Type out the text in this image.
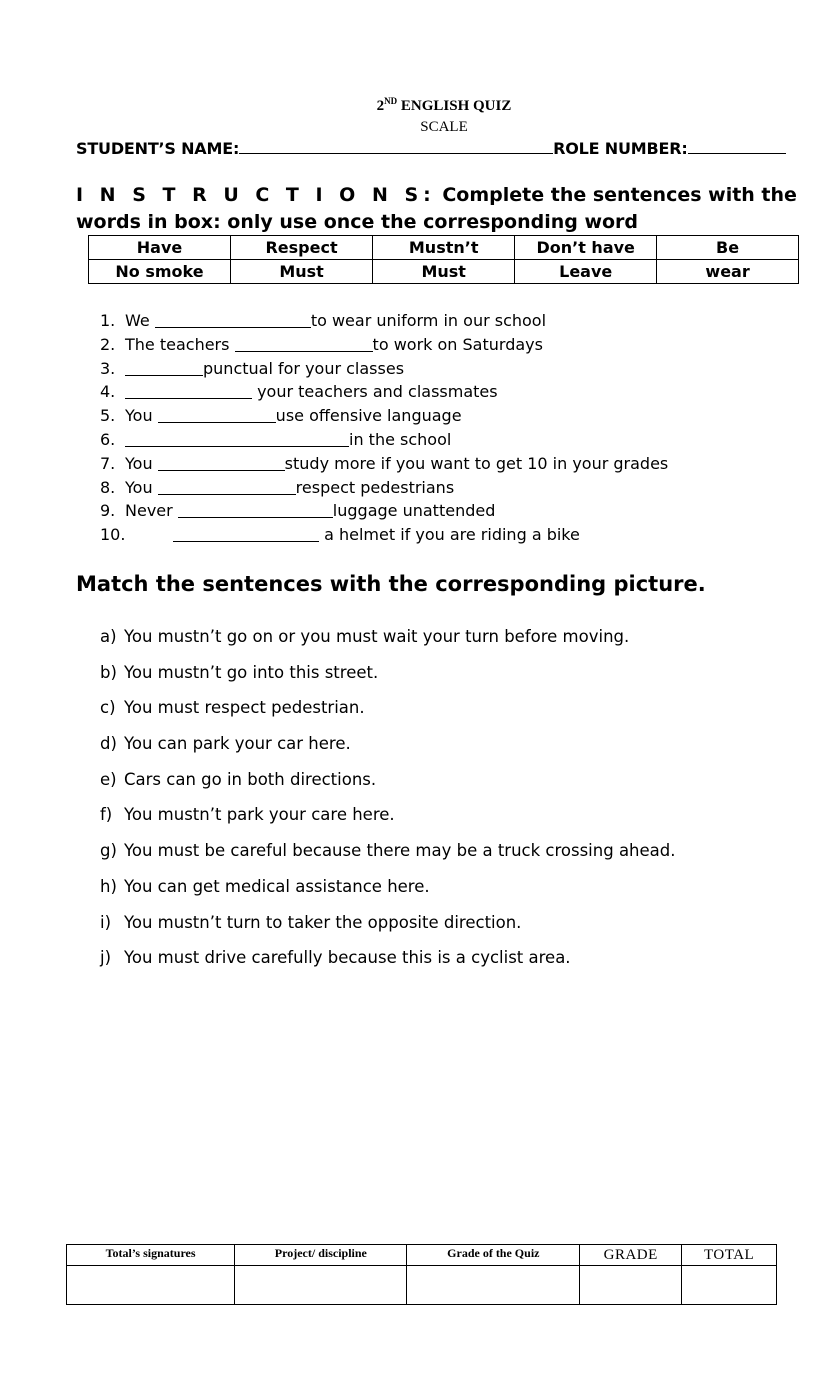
2ND ENGLISH QUIZ
SCALE
STUDENT’S NAME:	ROLE NUMBER:
I N S T R U C T I O N S: Complete the sentences with the words in box: only use once the corresponding word
Have	Respect	Mustn’t	Don’t have	Be
No smoke	Must	Must	Leave	wear
1. We	to wear uniform in our school
2. The teachers	to work on Saturdays
3.	punctual for your classes
4.	your teachers and classmates
5. You	use offensive language
6.	in the school
7. You	study more if you want to get 10 in your grades
8. You	respect pedestrians
9. Never	luggage unattended
10.	a helmet if you are riding a bike
Match the sentences with the corresponding picture.
a) You mustn’t go on or you must wait your turn before moving.
b) You mustn’t go into this street.
c) You must respect pedestrian.
d) You can park your car here.
e) Cars can go in both directions.
f) You mustn’t park your care here.
g) You must be careful because there may be a truck crossing ahead.
h) You can get medical assistance here.
i) You mustn’t turn to taker the opposite direction.
j) You must drive carefully because this is a cyclist area.
Total’s signatures	Project/ discipline	Grade of the Quiz	GRADE	TOTAL
